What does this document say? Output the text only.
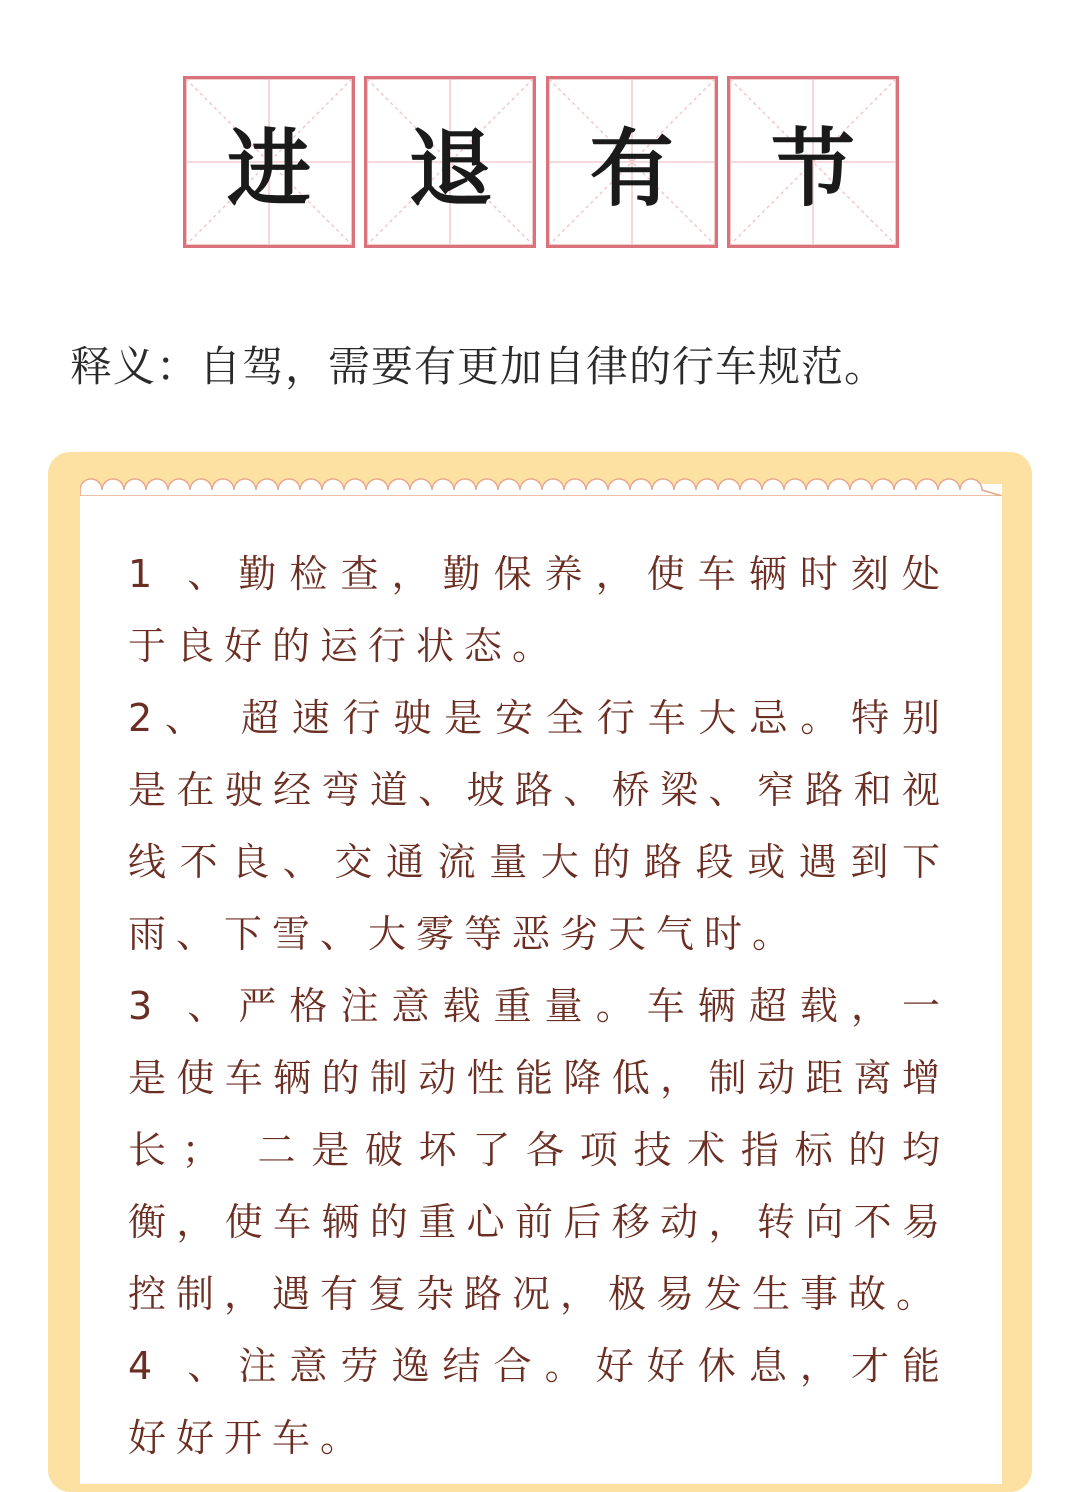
进	退	有	节
释义：自驾，需要有更加自律的行车规范。

1 、勤检查，勤保养，使车辆时刻处于良好的运行状态。

2、 超速行驶是安全行车大忌。特别是在驶经弯道、坡路、桥梁、窄路和视线不良、交通流量大的路段或遇到下雨、下雪、大雾等恶劣天气时。

3 、严格注意载重量。车辆超载，一是使车辆的制动性能降低，制动距离增长； 二是破坏了各项技术指标的均衡，使车辆的重心前后移动，转向不易控制，遇有复杂路况，极易发生事故。

4 、注意劳逸结合。好好休息，才能好好开车。
